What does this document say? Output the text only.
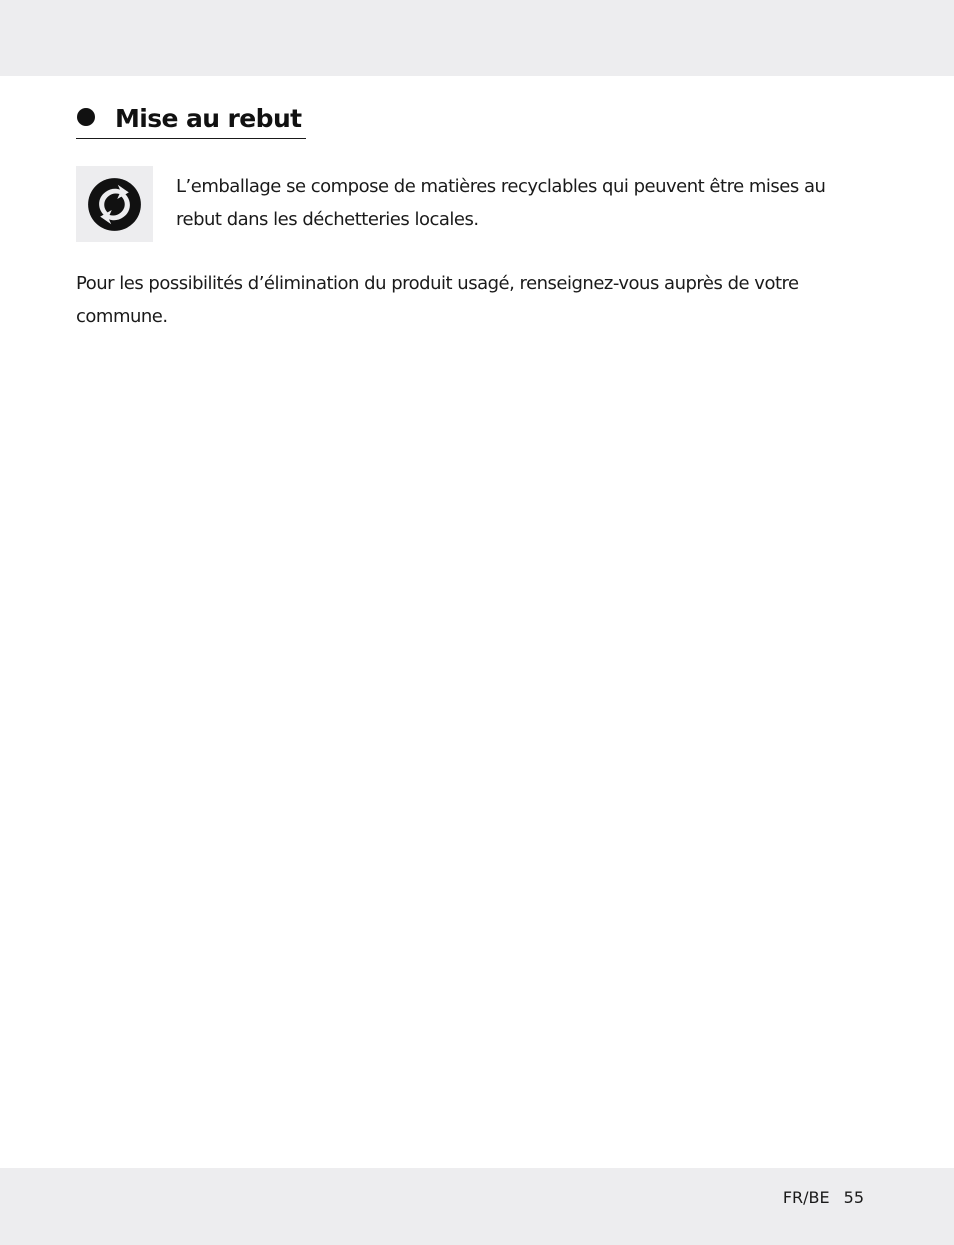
Mise au rebut

L’emballage se compose de matières recyclables qui peuvent être mises au rebut dans les déchetteries locales.

Pour les possibilités d’élimination du produit usagé, renseignez-vous auprès de votre commune.

FR/BE 55
